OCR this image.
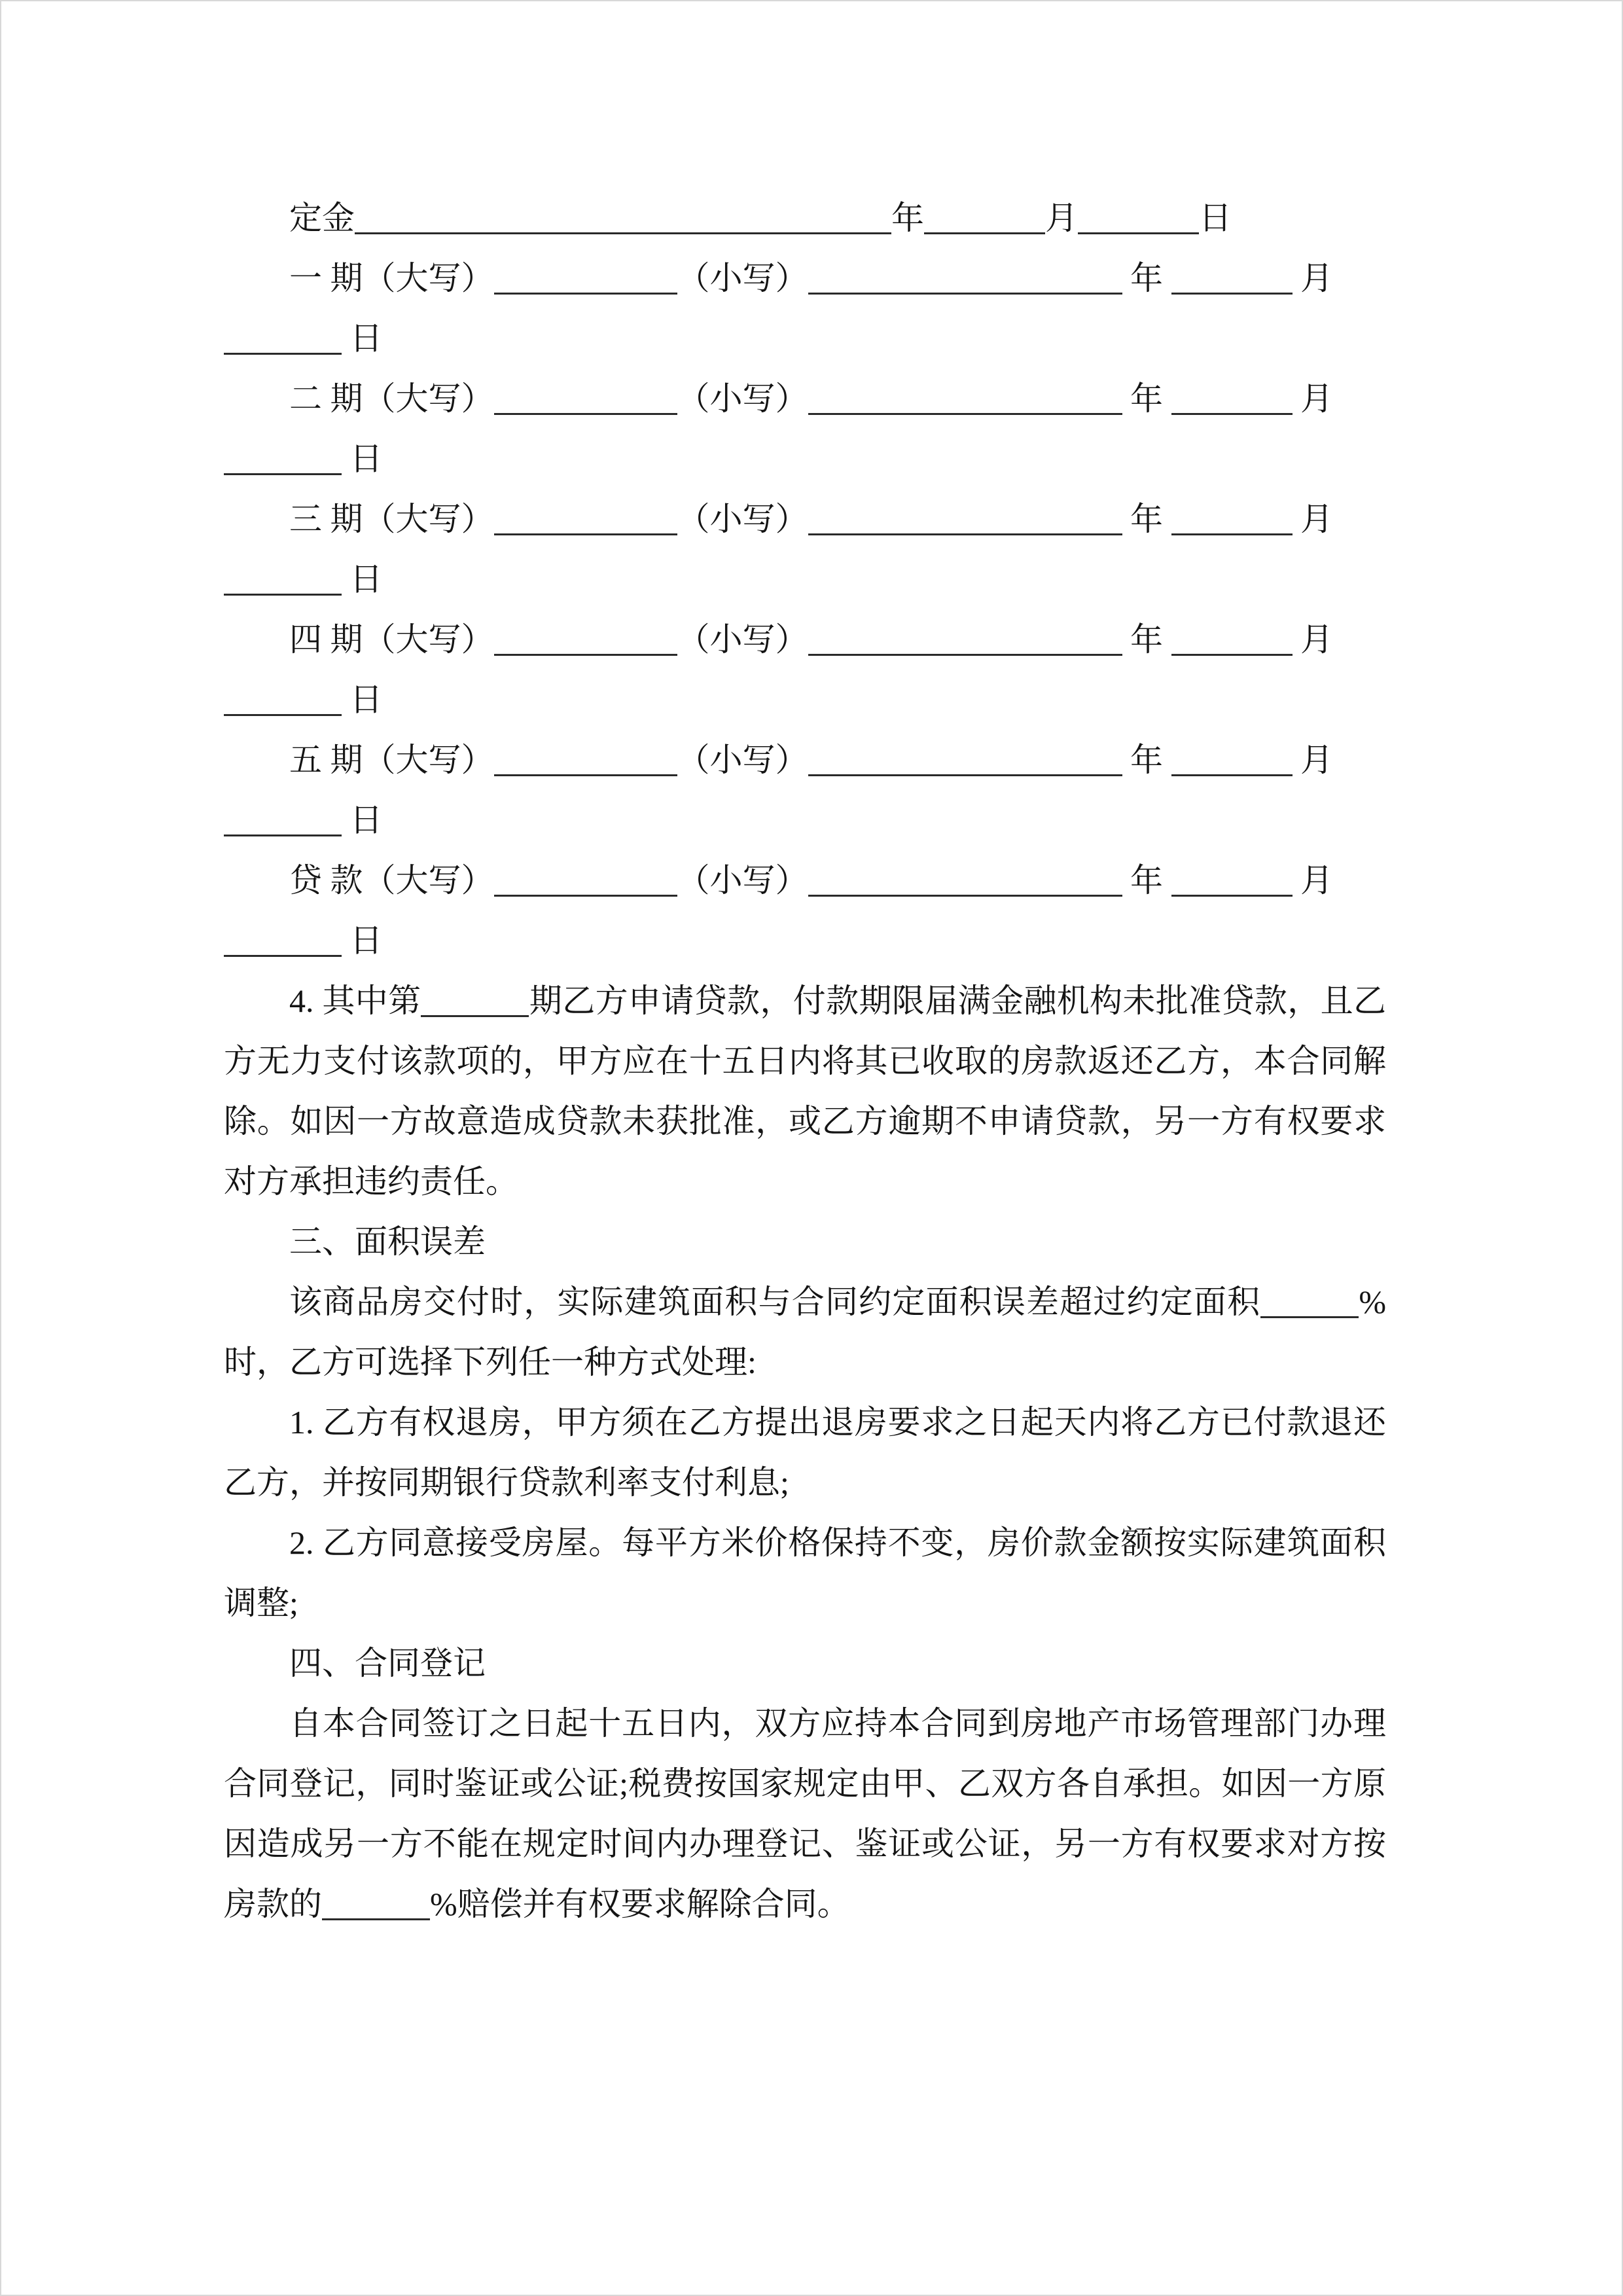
定金	年	月	日
一 期（大写）	（小写）	年	月
日
二 期（大写）	（小写）	年	月
日
三 期（大写）	（小写）	年	月
日
四 期（大写）	（小写）	年	月
日
五 期（大写）	（小写）	年	月
日
贷 款（大写）	（小写）	年	月
日
4. 其中第	期乙方申请贷款，付款期限届满金融机构未批准贷款，且乙方无力支付该款项的，甲方应在十五日内将其已收取的房款返还乙方，本合同解除。如因一方故意造成贷款未获批准，或乙方逾期不申请贷款，另一方有权要求对方承担违约责任。
三、面积误差
该商品房交付时，实际建筑面积与合同约定面积误差超过约定面积	%时，乙方可选择下列任一种方式处理:
1. 乙方有权退房，甲方须在乙方提出退房要求之日起天内将乙方已付款退还乙方，并按同期银行贷款利率支付利息;
2. 乙方同意接受房屋。每平方米价格保持不变，房价款金额按实际建筑面积调整;
四、合同登记
自本合同签订之日起十五日内，双方应持本合同到房地产市场管理部门办理合同登记，同时鉴证或公证;税费按国家规定由甲、乙双方各自承担。如因一方原因造成另一方不能在规定时间内办理登记、鉴证或公证，另一方有权要求对方按房款的	%赔偿并有权要求解除合同。
